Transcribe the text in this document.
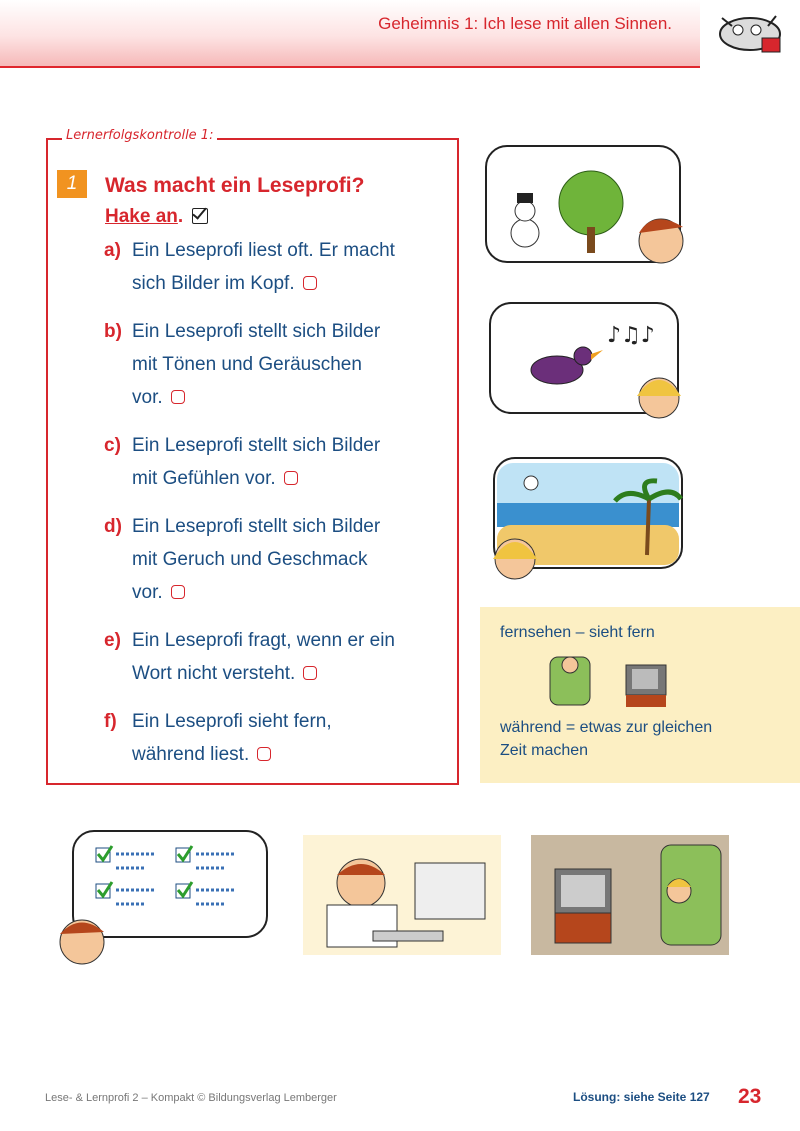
Geheimnis 1: Ich lese mit allen Sinnen.
Lernerfolgskontrolle 1:
1	Was macht ein Leseprofi?
Hake an.
a) Ein Leseprofi liest oft. Er macht
sich Bilder im Kopf.
b) Ein Leseprofi stellt sich Bilder
mit Tönen und Geräuschen
vor.
c) Ein Leseprofi stellt sich Bilder
mit Gefühlen vor.
d) Ein Leseprofi stellt sich Bilder
mit Geruch und Geschmack
vor.
e) Ein Leseprofi fragt, wenn er ein
Wort nicht versteht.
f) Ein Leseprofi sieht fern,
während liest.
♪♫♪
fernsehen – sieht fern
während = etwas zur gleichen
Zeit machen
Lese- & Lernprofi 2 – Kompakt © Bildungsverlag Lemberger	Lösung: siehe Seite 127 23
